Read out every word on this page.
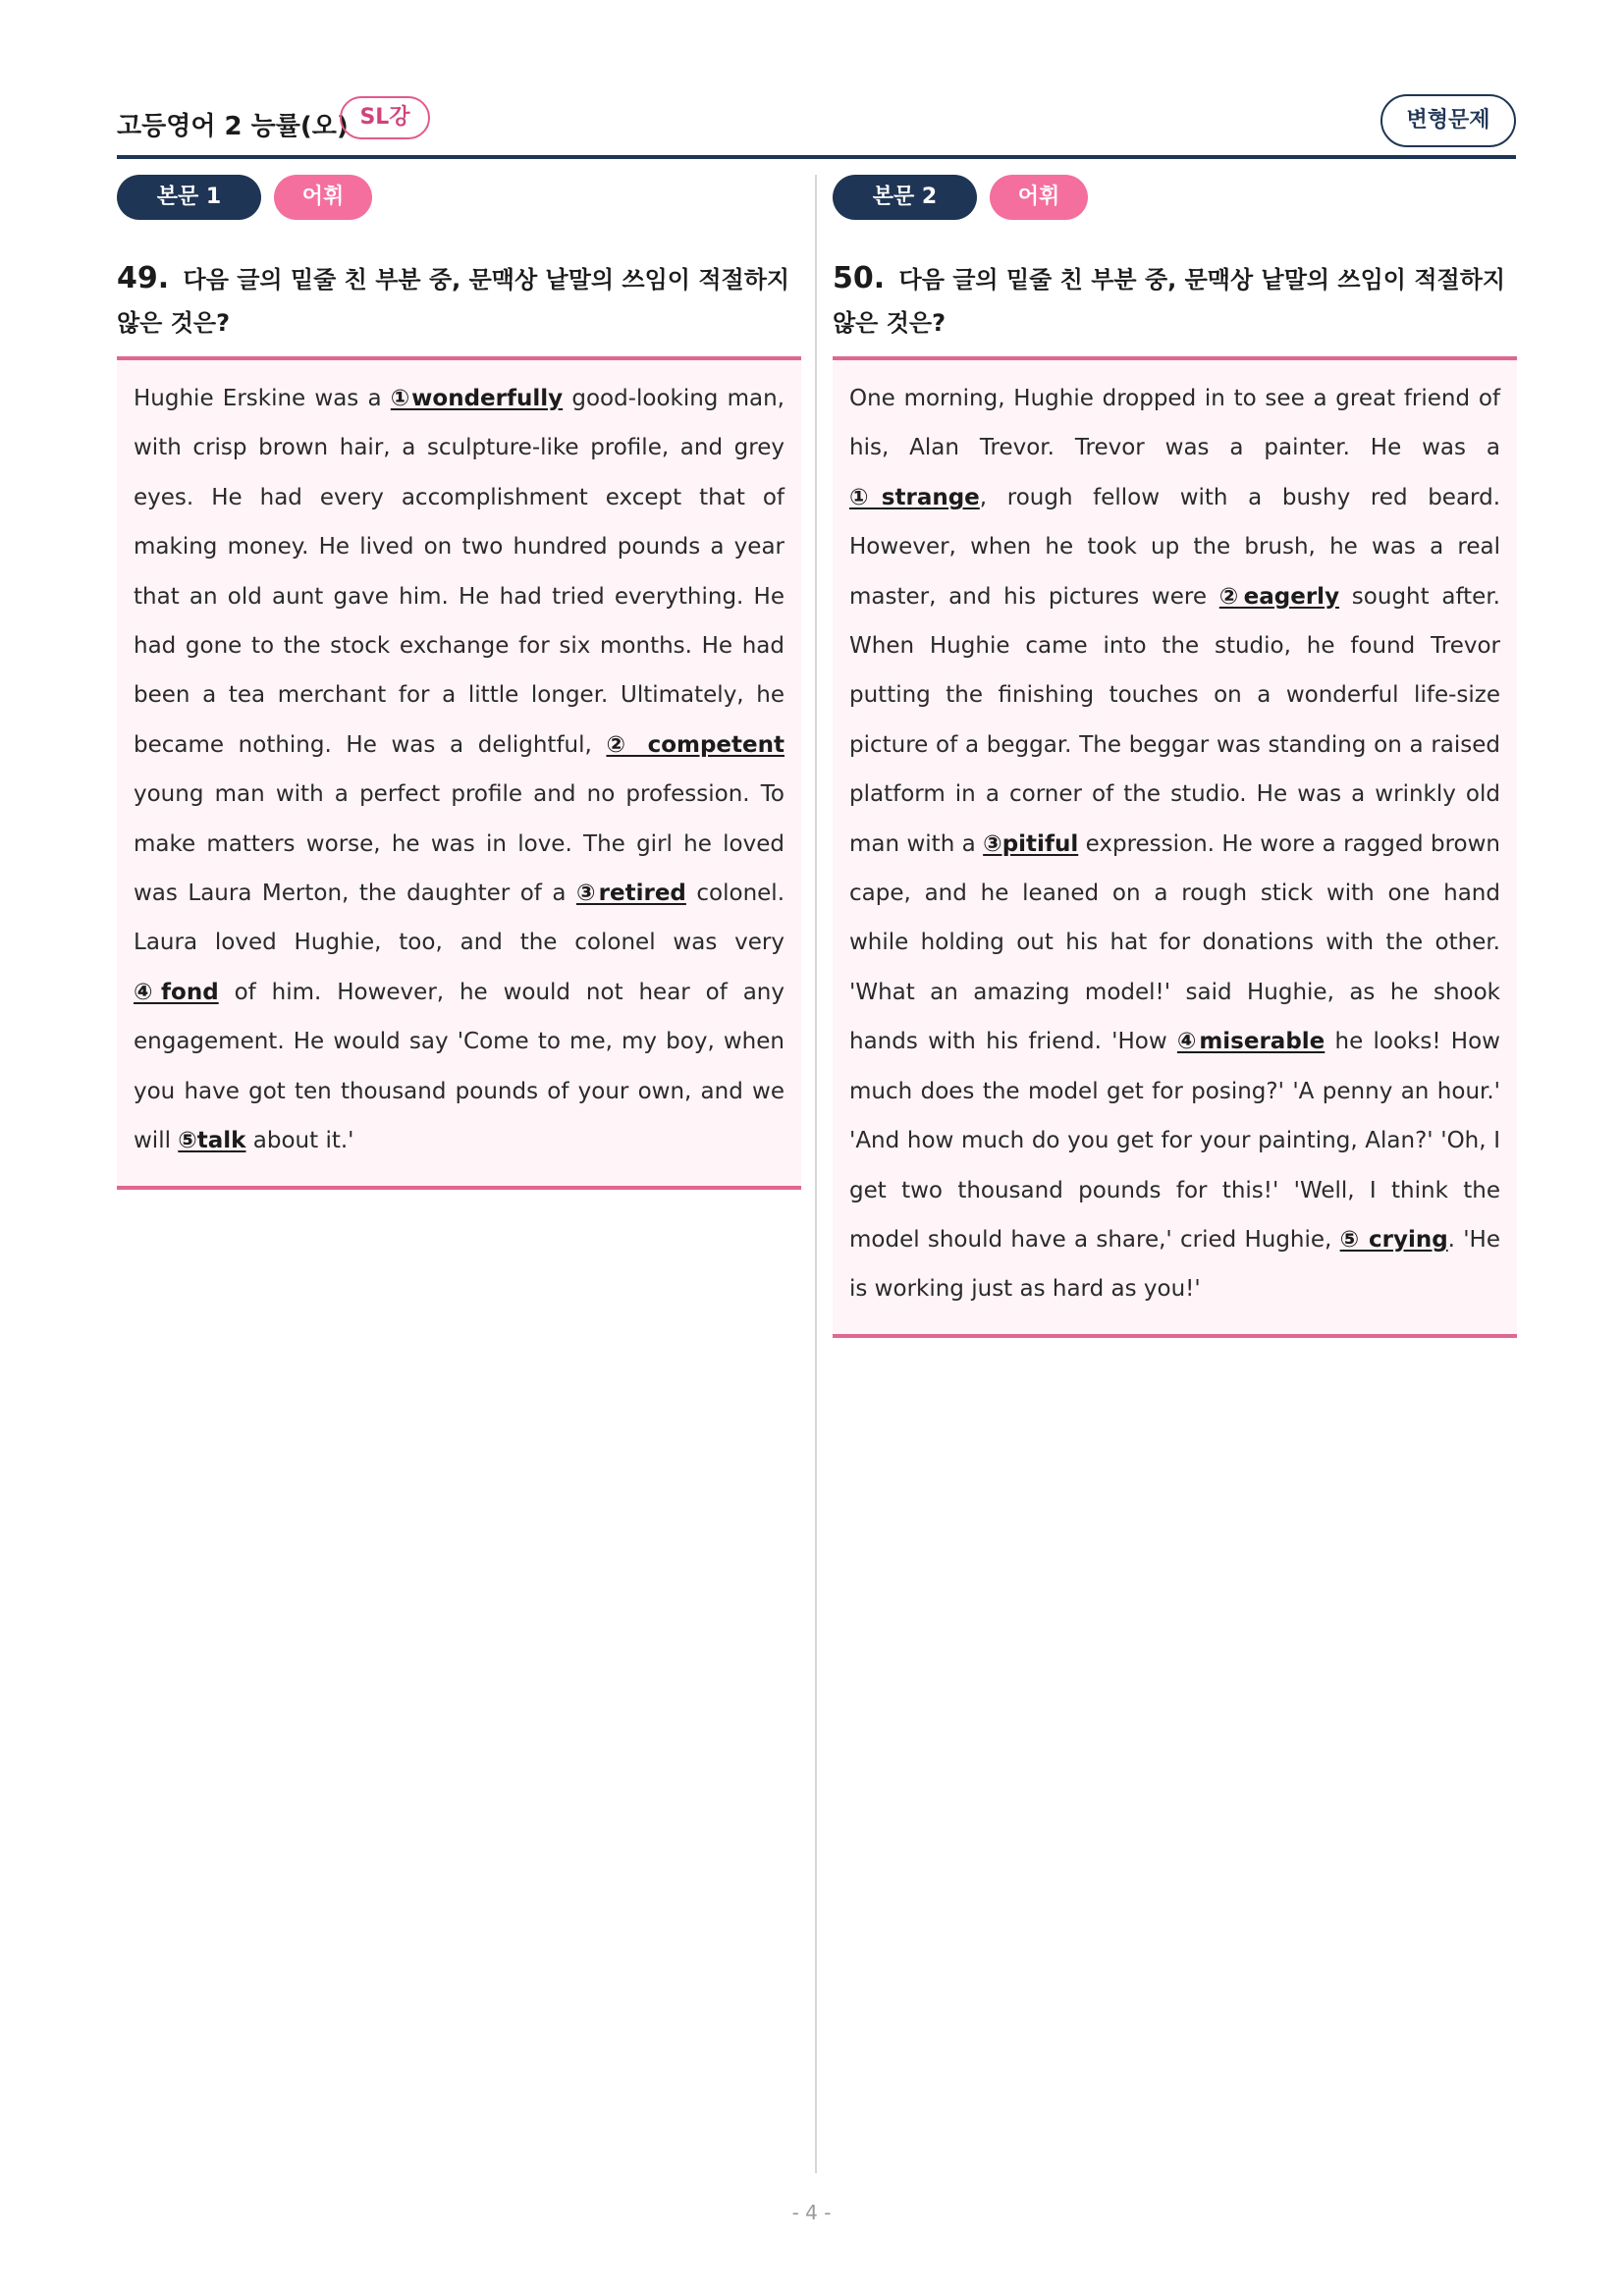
고등영어 2 능률(오) SL강	변형문제
본문 1	어휘
49. 다음 글의 밑줄 친 부분 중, 문맥상 낱말의 쓰임이 적절하지 않은 것은?

Hughie Erskine was a ①wonderfully good-looking man, with crisp brown hair, a sculpture-like profile, and grey eyes. He had every accomplishment except that of making money. He lived on two hundred pounds a year that an old aunt gave him. He had tried everything. He had gone to the stock exchange for six months. He had been a tea merchant for a little longer. Ultimately, he became nothing. He was a delightful, ② competent young man with a perfect profile and no profession. To make matters worse, he was in love. The girl he loved was Laura Merton, the daughter of a ③retired colonel. Laura loved Hughie, too, and the colonel was very ④fond of him. However, he would not hear of any engagement. He would say 'Come to me, my boy, when you have got ten thousand pounds of your own, and we will ⑤talk about it.'

본문 2	어휘
50. 다음 글의 밑줄 친 부분 중, 문맥상 낱말의 쓰임이 적절하지 않은 것은?

One morning, Hughie dropped in to see a great friend of his, Alan Trevor. Trevor was a painter. He was a ①strange, rough fellow with a bushy red beard. However, when he took up the brush, he was a real master, and his pictures were ②eagerly sought after. When Hughie came into the studio, he found Trevor putting the finishing touches on a wonderful life-size picture of a beggar. The beggar was standing on a raised platform in a corner of the studio. He was a wrinkly old man with a ③pitiful expression. He wore a ragged brown cape, and he leaned on a rough stick with one hand while holding out his hat for donations with the other. 'What an amazing model!' said Hughie, as he shook hands with his friend. 'How ④miserable he looks! How much does the model get for posing?' 'A penny an hour.' 'And how much do you get for your painting, Alan?' 'Oh, I get two thousand pounds for this!' 'Well, I think the model should have a share,' cried Hughie, ⑤ crying. 'He is working just as hard as you!'

- 4 -
